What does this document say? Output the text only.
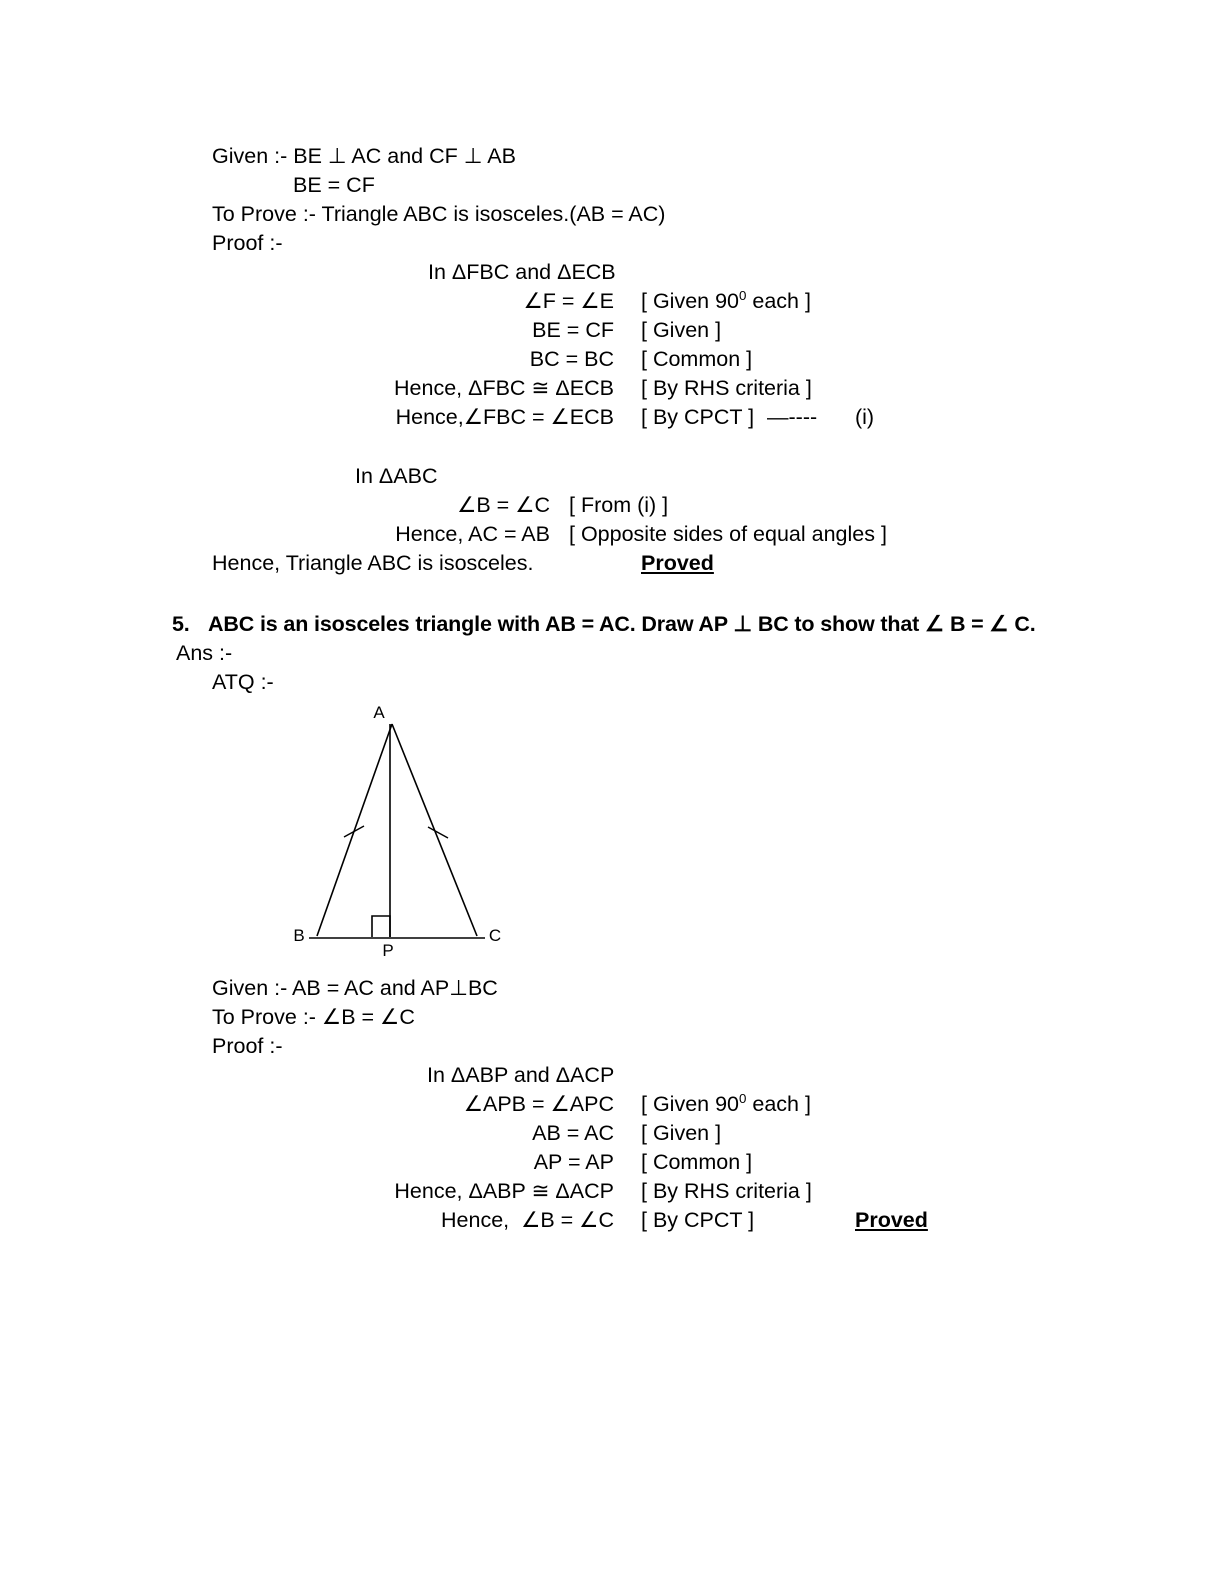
Given :- BE ⊥ AC and CF ⊥ AB
BE = CF
To Prove :- Triangle ABC is isosceles.(AB = AC)
Proof :-
In ΔFBC and ΔECB
∠F = ∠E [ Given $90^0$ each ]
BE = CF [ Given ]
BC = BC [ Common ]
Hence, ΔFBC ≅ ΔECB [ By RHS criteria ]
Hence,∠FBC = ∠ECB [ By CPCT ] —---- (i)
In ΔABC
∠B = ∠C [ From (i) ]
Hence, AC = AB [ Opposite sides of equal angles ]
Hence, Triangle ABC is isosceles.	Proved
5. ABC is an isosceles triangle with AB = AC. Draw AP ⊥ BC to show that ∠ B = ∠ C.
Ans :-
ATQ :-
A
B	C
P
Given :- AB = AC and AP⊥BC
To Prove :- ∠B = ∠C
Proof :-
In ΔABP and ΔACP
∠APB = ∠APC [ Given $90^0$ each ]
AB = AC [ Given ]
AP = AP [ Common ]
Hence, ΔABP ≅ ΔACP [ By RHS criteria ]
Hence,  ∠B = ∠C [ By CPCT ]	Proved
